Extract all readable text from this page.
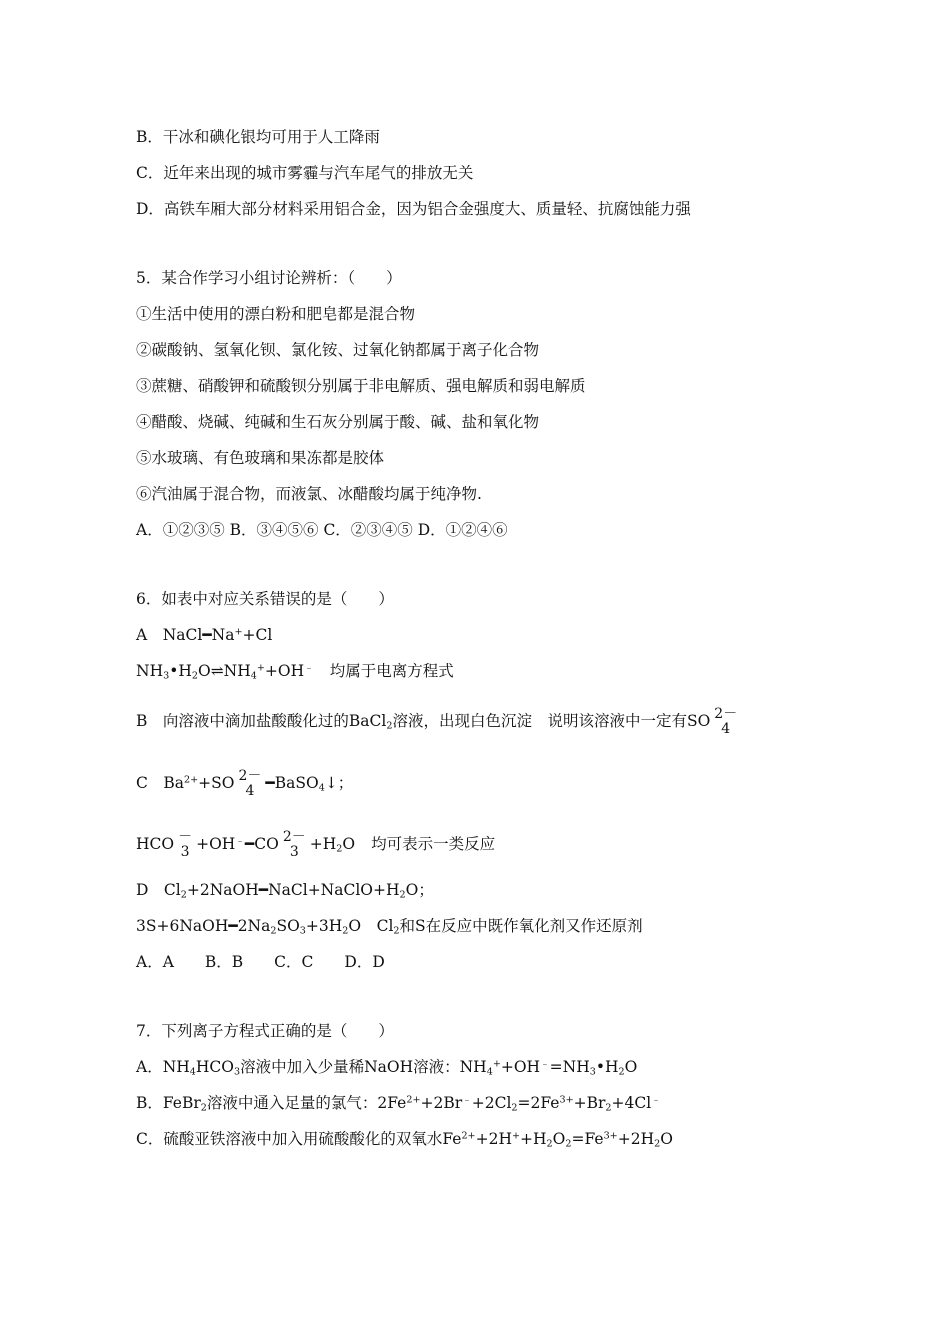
B．干冰和碘化银均可用于人工降雨
C．近年来出现的城市雾霾与汽车尾气的排放无关
D．高铁车厢大部分材料采用铝合金，因为铝合金强度大、质量轻、抗腐蚀能力强
5．某合作学习小组讨论辨析：（　　）
①生活中使用的漂白粉和肥皂都是混合物
②碳酸钠、氢氧化钡、氯化铵、过氧化钠都属于离子化合物
③蔗糖、硝酸钾和硫酸钡分别属于非电解质、强电解质和弱电解质
④醋酸、烧碱、纯碱和生石灰分别属于酸、碱、盐和氧化物
⑤水玻璃、有色玻璃和果冻都是胶体
⑥汽油属于混合物，而液氯、冰醋酸均属于纯净物.
A．①②③⑤ B．③④⑤⑥ C．②③④⑤ D．①②④⑥
6．如表中对应关系错误的是（　　）
A　NaCl━Na++Cl
$NH_3•H_2O\rightleftharpoons NH_4^++OH^﹣$ 均属于电离方程式
B　向溶液中滴加盐酸酸化过的BaCl$_2$溶液，出现白色沉淀　说明该溶液中一定有SO 2－
4
C　$Ba^{2+}+SO$ 2－
4 ━BaSO$_4$↓；
HCO －
3 +OH﹣━CO 2－
$3 +H_2O$ 均可表示一类反应
D　$Cl_2+2NaOH━NaCl+NaClO+H_2O$；
$3S+6NaOH━2Na_2SO_3+3H_2O$　$Cl_2$和S在反应中既作氧化剂又作还原剂
A．A　　B．B　　C．C　　D．D
7．下列离子方程式正确的是（　　）
A．$NH_4HCO_3$溶液中加入少量稀NaOH溶液：$NH_4^++OH^﹣=NH_3•H_2O$
B．FeBr$_2$溶液中通入足量的氯气：$2Fe^{2+}+2Br^﹣+2Cl_2=2Fe^{3+}+Br_2+4Cl^﹣$
C．硫酸亚铁溶液中加入用硫酸酸化的双氧水$Fe^{2+}+2H^++H_2O_2=Fe^{3+}+2H_2O$
